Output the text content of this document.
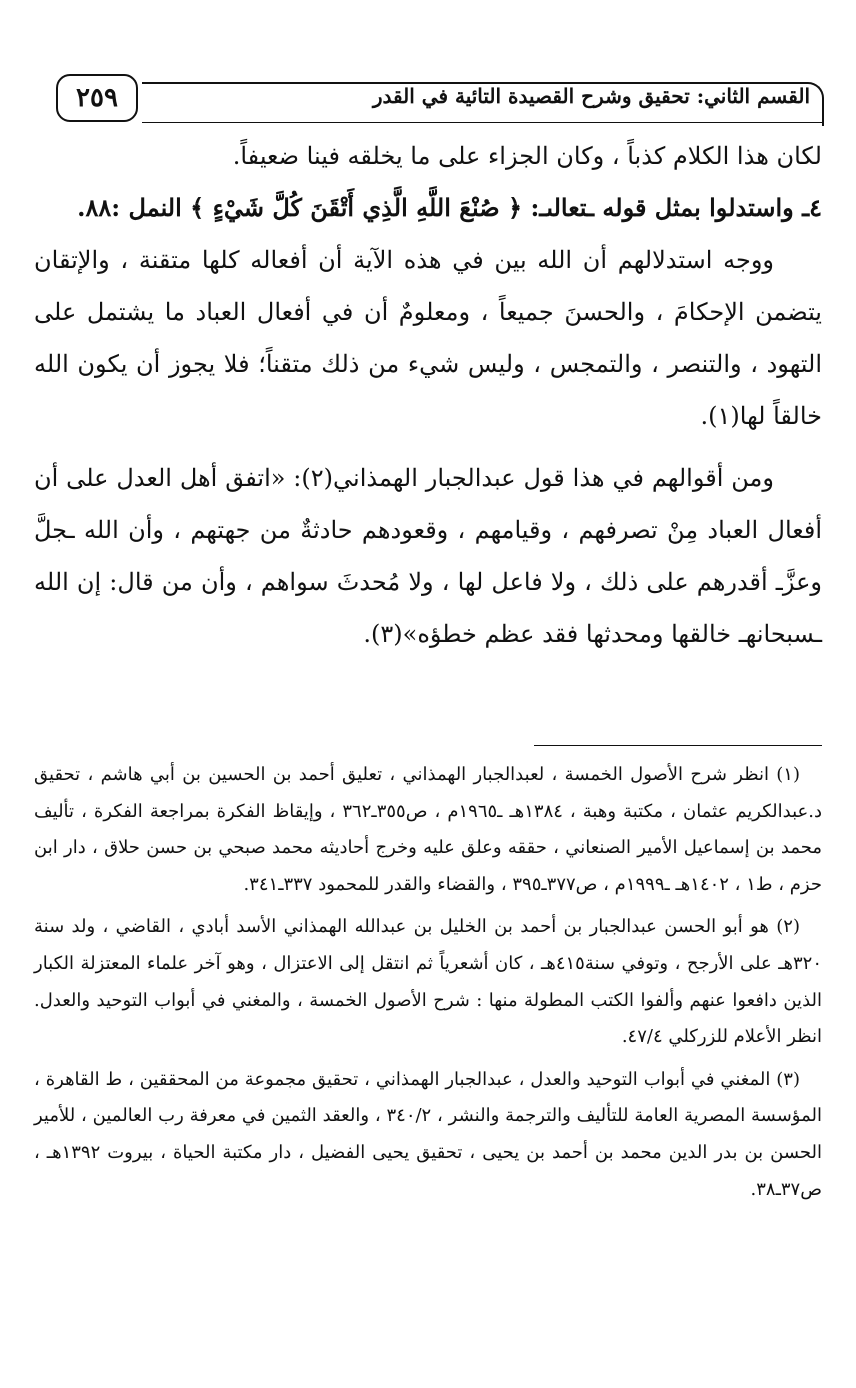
٢٥٩	القسم الثاني: تحقيق وشرح القصيدة التائية في القدر

لكان هذا الكلام كذباً ، وكان الجزاء على ما يخلقه فينا ضعيفاً.

٤ـ واستدلوا بمثل قوله ـتعالىـ: ﴿ صُنْعَ اللَّهِ الَّذِي أَتْقَنَ كُلَّ شَيْءٍ ﴾ النمل :٨٨.

ووجه استدلالهم أن الله بين في هذه الآية أن أفعاله كلها متقنة ، والإتقان يتضمن الإحكامَ ، والحسنَ جميعاً ، ومعلومٌ أن في أفعال العباد ما يشتمل على التهود ، والتنصر ، والتمجس ، وليس شيء من ذلك متقناً؛ فلا يجوز أن يكون الله خالقاً لها(١).

ومن أقوالهم في هذا قول عبدالجبار الهمذاني(٢): «اتفق أهل العدل على أن أفعال العباد مِنْ تصرفهم ، وقيامهم ، وقعودهم حادثةٌ من جهتهم ، وأن الله ـجلَّ وعزَّـ أقدرهم على ذلك ، ولا فاعل لها ، ولا مُحدثَ سواهم ، وأن من قال: إن الله ـسبحانهـ خالقها ومحدثها فقد عظم خطؤه»(٣).

(١) انظر شرح الأصول الخمسة ، لعبدالجبار الهمذاني ، تعليق أحمد بن الحسين بن أبي هاشم ، تحقيق د.عبدالكريم عثمان ، مكتبة وهبة ، ١٣٨٤هـ ـ١٩٦٥م ، ص٣٥٥ـ٣٦٢ ، وإيقاظ الفكرة بمراجعة الفكرة ، تأليف محمد بن إسماعيل الأمير الصنعاني ، حققه وعلق عليه وخرج أحاديثه محمد صبحي بن حسن حلاق ، دار ابن حزم ، ط١ ، ١٤٠٢هـ ـ١٩٩٩م ، ص٣٧٧ـ٣٩٥ ، والقضاء والقدر للمحمود ٣٣٧ـ٣٤١.

(٢) هو أبو الحسن عبدالجبار بن أحمد بن الخليل بن عبدالله الهمذاني الأسد أبادي ، القاضي ، ولد سنة ٣٢٠هـ على الأرجح ، وتوفي سنة٤١٥هـ ، كان أشعرياً ثم انتقل إلى الاعتزال ، وهو آخر علماء المعتزلة الكبار الذين دافعوا عنهم وألفوا الكتب المطولة منها : شرح الأصول الخمسة ، والمغني في أبواب التوحيد والعدل. انظر الأعلام للزركلي ٤٧/٤.

(٣) المغني في أبواب التوحيد والعدل ، عبدالجبار الهمذاني ، تحقيق مجموعة من المحققين ، ط القاهرة ، المؤسسة المصرية العامة للتأليف والترجمة والنشر ، ٣٤٠/٢ ، والعقد الثمين في معرفة رب العالمين ، للأمير الحسن بن بدر الدين محمد بن أحمد بن يحيى ، تحقيق يحيى الفضيل ، دار مكتبة الحياة ، بيروت ١٣٩٢هـ ، ص٣٧ـ٣٨.
